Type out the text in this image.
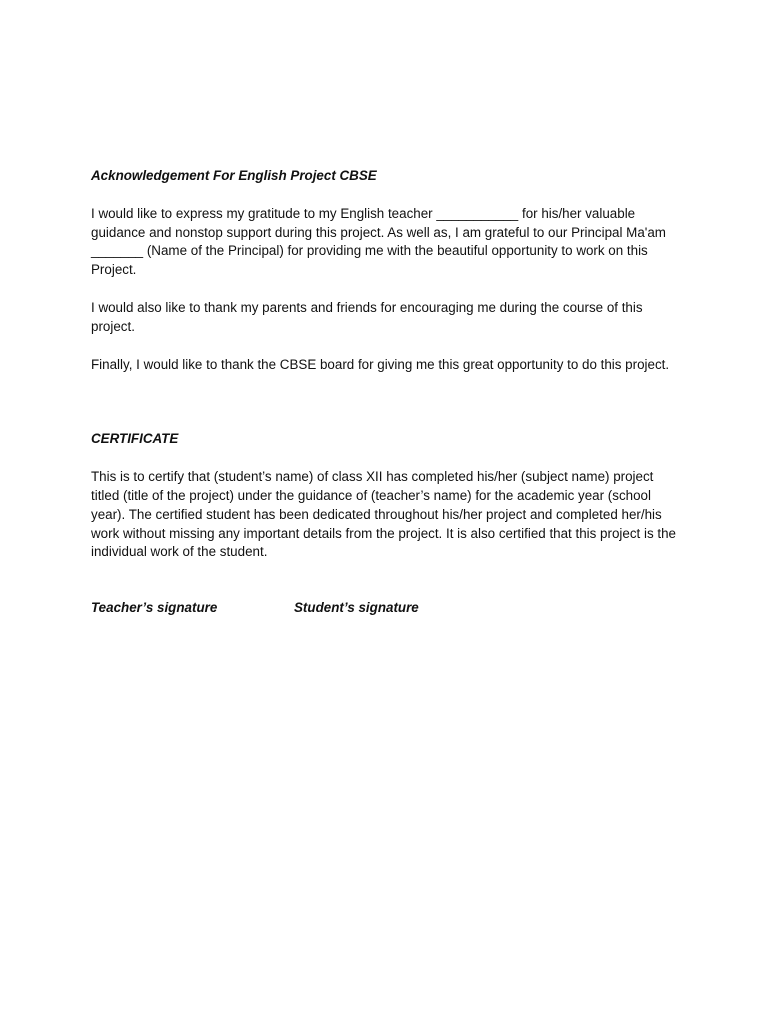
Acknowledgement For English Project CBSE

I would like to express my gratitude to my English teacher ___________ for his/her valuable guidance and nonstop support during this project. As well as, I am grateful to our Principal Ma'am _______ (Name of the Principal) for providing me with the beautiful opportunity to work on this Project.

I would also like to thank my parents and friends for encouraging me during the course of this project.

Finally, I would like to thank the CBSE board for giving me this great opportunity to do this project.

CERTIFICATE

This is to certify that (student’s name) of class XII has completed his/her (subject name) project titled (title of the project) under the guidance of (teacher’s name) for the academic year (school year). The certified student has been dedicated throughout his/her project and completed her/his work without missing any important details from the project. It is also certified that this project is the individual work of the student.

Teacher’s signature	Student’s signature
